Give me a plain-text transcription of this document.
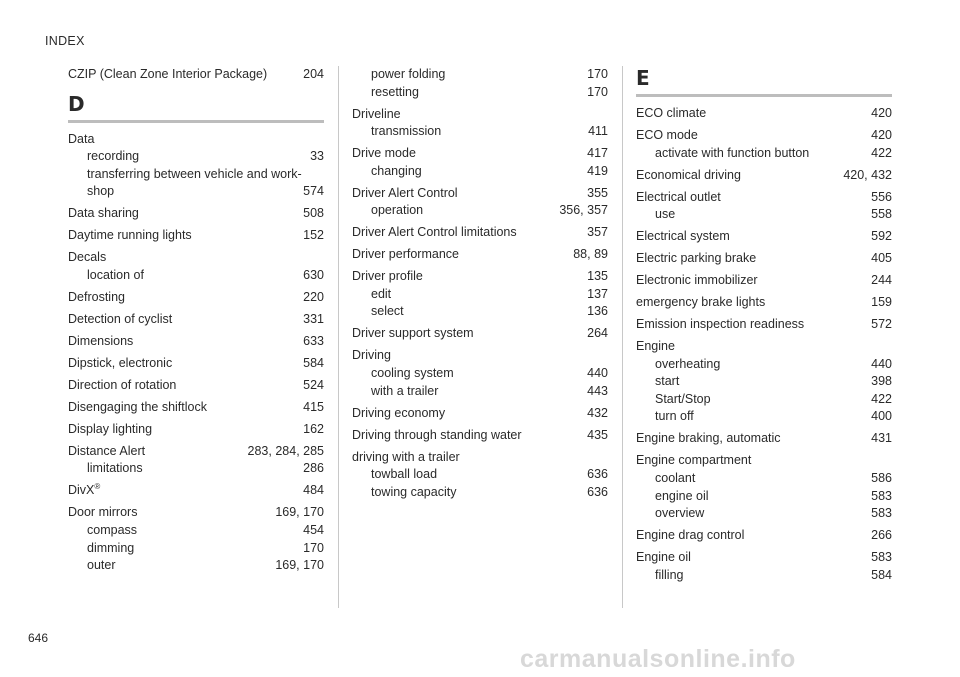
INDEX
CZIP (Clean Zone Interior Package)	204
D
Data
recording	33
transferring between vehicle and work-
shop	574
Data sharing	508
Daytime running lights	152
Decals
location of	630
Defrosting	220
Detection of cyclist	331
Dimensions	633
Dipstick, electronic	584
Direction of rotation	524
Disengaging the shiftlock	415
Display lighting	162
Distance Alert	283, 284, 285
limitations	286
DivX®	484
Door mirrors	169, 170
compass	454
dimming	170
outer	169, 170
power folding	170
resetting	170
Driveline
transmission	411
Drive mode	417
changing	419
Driver Alert Control	355
operation	356, 357
Driver Alert Control limitations	357
Driver performance	88, 89
Driver profile	135
edit	137
select	136
Driver support system	264
Driving
cooling system	440
with a trailer	443
Driving economy	432
Driving through standing water	435
driving with a trailer
towball load	636
towing capacity	636
E
ECO climate	420
ECO mode	420
activate with function button	422
Economical driving	420, 432
Electrical outlet	556
use	558
Electrical system	592
Electric parking brake	405
Electronic immobilizer	244
emergency brake lights	159
Emission inspection readiness	572
Engine
overheating	440
start	398
Start/Stop	422
turn off	400
Engine braking, automatic	431
Engine compartment
coolant	586
engine oil	583
overview	583
Engine drag control	266
Engine oil	583
filling	584
646
carmanualsonline.info
